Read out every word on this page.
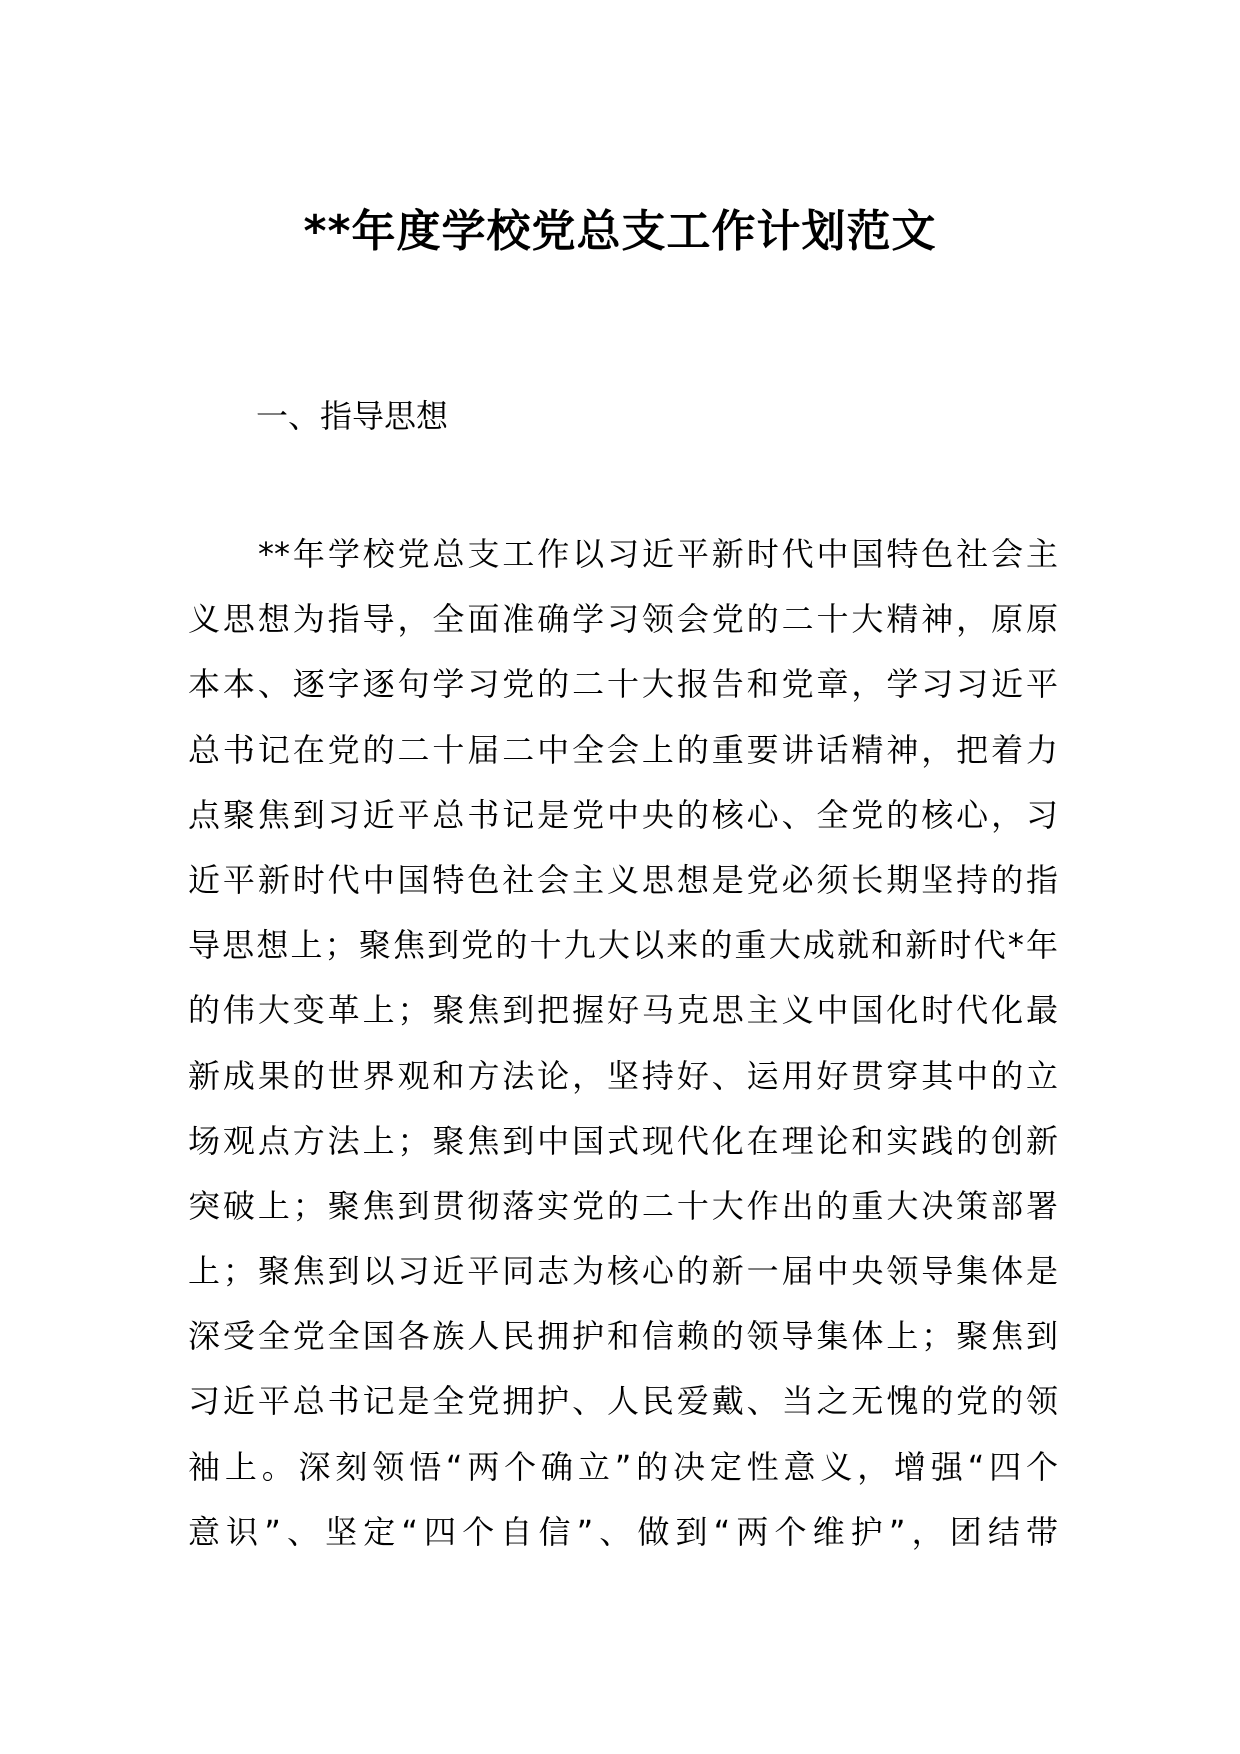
**年度学校党总支工作计划范文
一、指导思想
**年学校党总支工作以习近平新时代中国特色社会主
义思想为指导，全面准确学习领会党的二十大精神，原原
本本、逐字逐句学习党的二十大报告和党章，学习习近平
总书记在党的二十届二中全会上的重要讲话精神，把着力
点聚焦到习近平总书记是党中央的核心、全党的核心，习
近平新时代中国特色社会主义思想是党必须长期坚持的指
导思想上；聚焦到党的十九大以来的重大成就和新时代*年
的伟大变革上；聚焦到把握好马克思主义中国化时代化最
新成果的世界观和方法论，坚持好、运用好贯穿其中的立
场观点方法上；聚焦到中国式现代化在理论和实践的创新
突破上；聚焦到贯彻落实党的二十大作出的重大决策部署
上；聚焦到以习近平同志为核心的新一届中央领导集体是
深受全党全国各族人民拥护和信赖的领导集体上；聚焦到
习近平总书记是全党拥护、人民爱戴、当之无愧的党的领
袖上。深刻领悟“两个确立”的决定性意义，增强“四个
意识”、坚定“四个自信”、做到“两个维护”，团结带
